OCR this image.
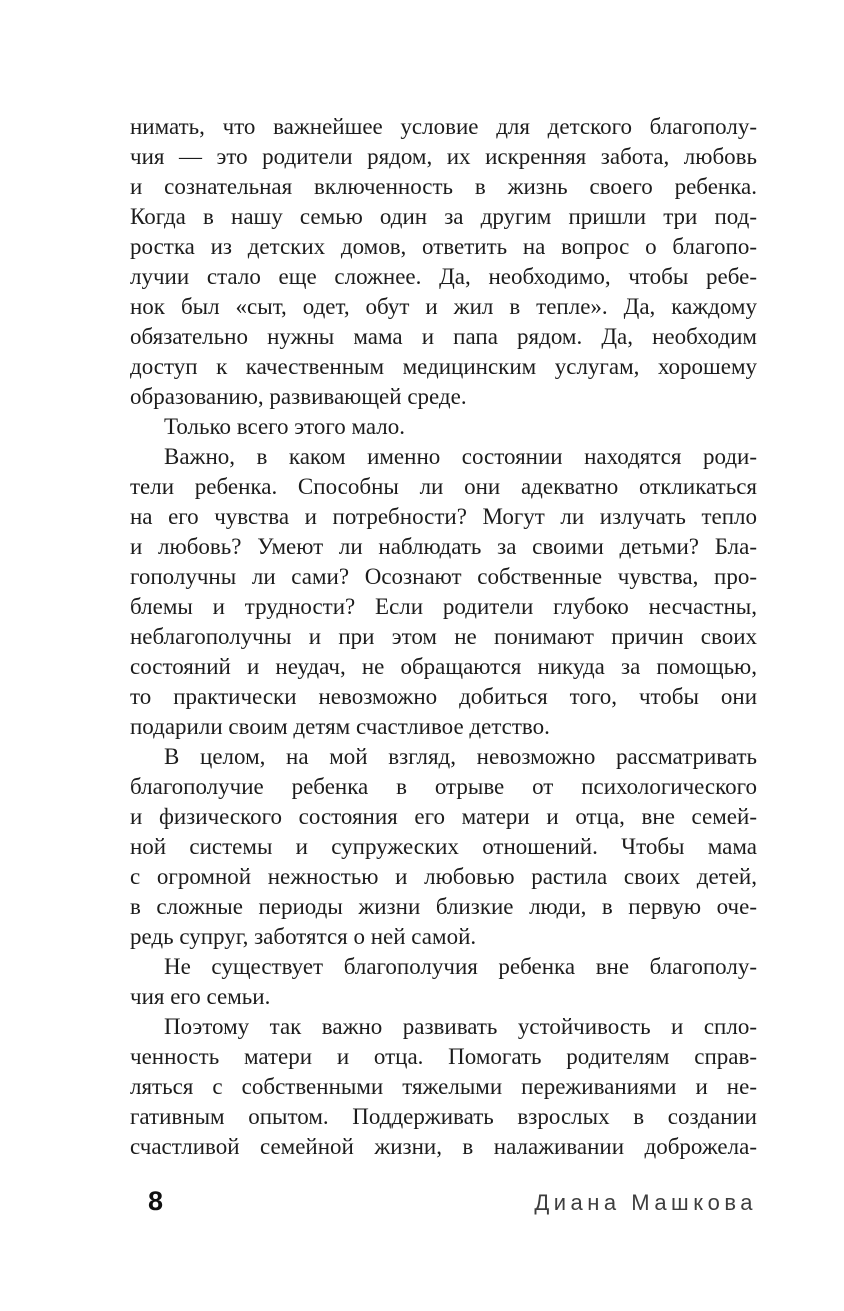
нимать, что важнейшее условие для детского благополу-
чия — это родители рядом, их искренняя забота, любовь
и сознательная включенность в жизнь своего ребенка.
Когда в нашу семью один за другим пришли три под-
ростка из детских домов, ответить на вопрос о благопо-
лучии стало еще сложнее. Да, необходимо, чтобы ребе-
нок был «сыт, одет, обут и жил в тепле». Да, каждому
обязательно нужны мама и папа рядом. Да, необходим
доступ к качественным медицинским услугам, хорошему
образованию, развивающей среде.
Только всего этого мало.
Важно, в каком именно состоянии находятся роди-
тели ребенка. Способны ли они адекватно откликаться
на его чувства и потребности? Могут ли излучать тепло
и любовь? Умеют ли наблюдать за своими детьми? Бла-
гополучны ли сами? Осознают собственные чувства, про-
блемы и трудности? Если родители глубоко несчастны,
неблагополучны и при этом не понимают причин своих
состояний и неудач, не обращаются никуда за помощью,
то практически невозможно добиться того, чтобы они
подарили своим детям счастливое детство.
В целом, на мой взгляд, невозможно рассматривать
благополучие ребенка в отрыве от психологического
и физического состояния его матери и отца, вне семей-
ной системы и супружеских отношений. Чтобы мама
с огромной нежностью и любовью растила своих детей,
в сложные периоды жизни близкие люди, в первую оче-
редь супруг, заботятся о ней самой.
Не существует благополучия ребенка вне благополу-
чия его семьи.
Поэтому так важно развивать устойчивость и спло-
ченность матери и отца. Помогать родителям справ-
ляться с собственными тяжелыми переживаниями и не-
гативным опытом. Поддерживать взрослых в создании
счастливой семейной жизни, в налаживании доброжела-
8	Диана Машкова
